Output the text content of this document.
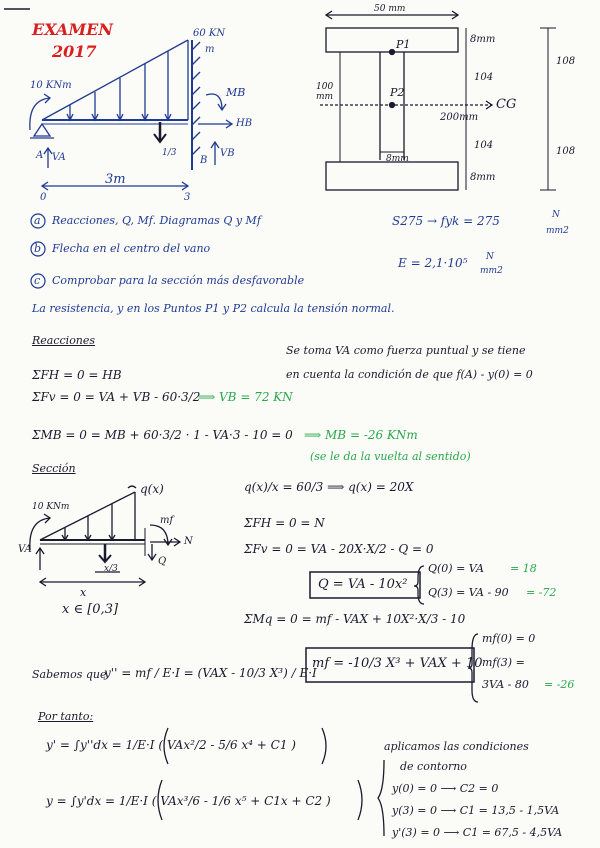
EXAMEN
2017
60 KN
m
10 KNm
MB
HB
VA	VB
A	B
3m
0	3
1/3
50 mm
8mm
100 mm
104
8mm
104
8mm
108
108
200mm
P1
P2
CG
S275 → fyk = 275	N
mm2
E = 2,1·10⁵ N
mm2
a Reacciones, Q, Mf. Diagramas Q y Mf
b Flecha en el centro del vano
c Comprobar para la sección más desfavorable
La resistencia, y en los Puntos P1 y P2 calcula la tensión normal.
Reacciones
Se toma VA como fuerza puntual y se tiene
en cuenta la condición de que f(A) - y(0) = 0
ΣFH = 0 = HB
ΣFv = 0 = VA + VB - 60·3/2
⟹ VB = 72 KN
ΣMB = 0 = MB + 60·3/2 · 1 - VA·3 - 10 = 0 ⟹ MB = -26 KNm
(se le da la vuelta al sentido)
Sección
10 KNm
q(x)
mf
N
Q
VA
x
x/3
x ∈ [0,3]
q(x)/x = 60/3 ⟹ q(x) = 20X
ΣFH = 0 = N
ΣFv = 0 = VA - 20X·X/2 - Q = 0
Q = VA - 10x²
Q(0) = VA = 18
Q(3) = VA - 90 = -72
ΣMq = 0 = mf - VAX + 10X²·X/3 - 10
mf = -10/3 X³ + VAX + 10
mf(0) = 0
mf(3) =
3VA - 80 = -26
Sabemos que
y'' = mf / E·I = (VAX - 10/3 X³) / E·I
Por tanto:
y' = ∫y''dx = 1/E·I ( VAx²/2 - 5/6 x⁴ + C1 )
y = ∫y'dx = 1/E·I ( VAx³/6 - 1/6 x⁵ + C1x + C2 )
aplicamos las condiciones
de contorno
y(0) = 0 ⟶ C2 = 0
y(3) = 0 ⟶ C1 = 13,5 - 1,5VA
y'(3) = 0 ⟶ C1 = 67,5 - 4,5VA
